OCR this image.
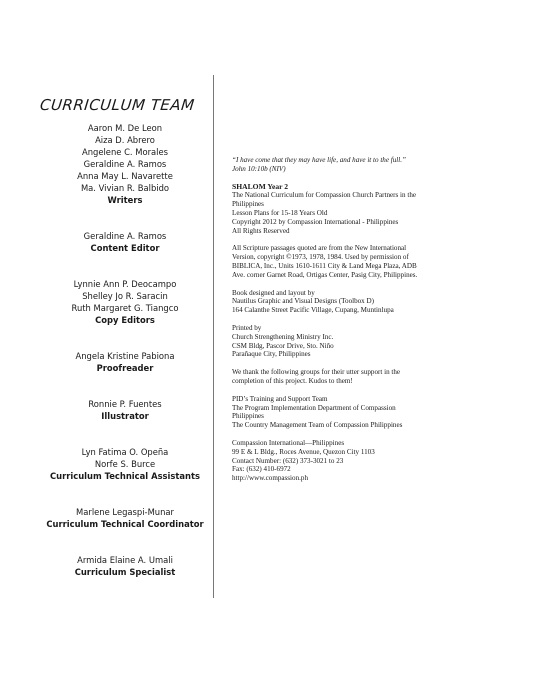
CURRICULUM TEAM
Aaron M. De Leon
Aiza D. Abrero
Angelene C. Morales
Geraldine A. Ramos
Anna May L. Navarette
Ma. Vivian R. Balbido
Writers
Geraldine A. Ramos
Content Editor
Lynnie Ann P. Deocampo
Shelley Jo R. Saracin
Ruth Margaret G. Tiangco
Copy Editors
Angela Kristine Pabiona
Proofreader
Ronnie P. Fuentes
Illustrator
Lyn Fatima O. Opeña
Norfe S. Burce
Curriculum Technical Assistants
Marlene Legaspi-Munar
Curriculum Technical Coordinator
Armida Elaine A. Umali
Curriculum Specialist
“I have come that they may have life, and have it to the full.”
John 10:10b (NIV)
SHALOM Year 2
The National Curriculum for Compassion Church Partners in the
Philippines
Lesson Plans for 15-18 Years Old
Copyright 2012 by Compassion International - Philippines
All Rights Reserved
All Scripture passages quoted are from the New International
Version, copyright ©1973, 1978, 1984. Used by permission of
BIBLICA, Inc., Units 1610-1611 City & Land Mega Plaza, ADB
Ave. corner Garnet Road, Ortigas Center, Pasig City, Philippines.
Book designed and layout by
Nautilus Graphic and Visual Designs (Toolbox D)
164 Calanthe Street Pacific Village, Cupang, Muntinlupa
Printed by
Church Strengthening Ministry Inc.
CSM Bldg, Pascor Drive, Sto. Niño
Parañaque City, Philippines
We thank the following groups for their utter support in the
completion of this project. Kudos to them!
PID’s Training and Support Team
The Program Implementation Department of Compassion
Philippines
The Country Management Team of Compassion Philippines
Compassion International—Philippines
99 E & L Bldg., Roces Avenue, Quezon City 1103
Contact Number: (632) 373-3021 to 23
Fax: (632) 410-6972
http://www.compassion.ph
